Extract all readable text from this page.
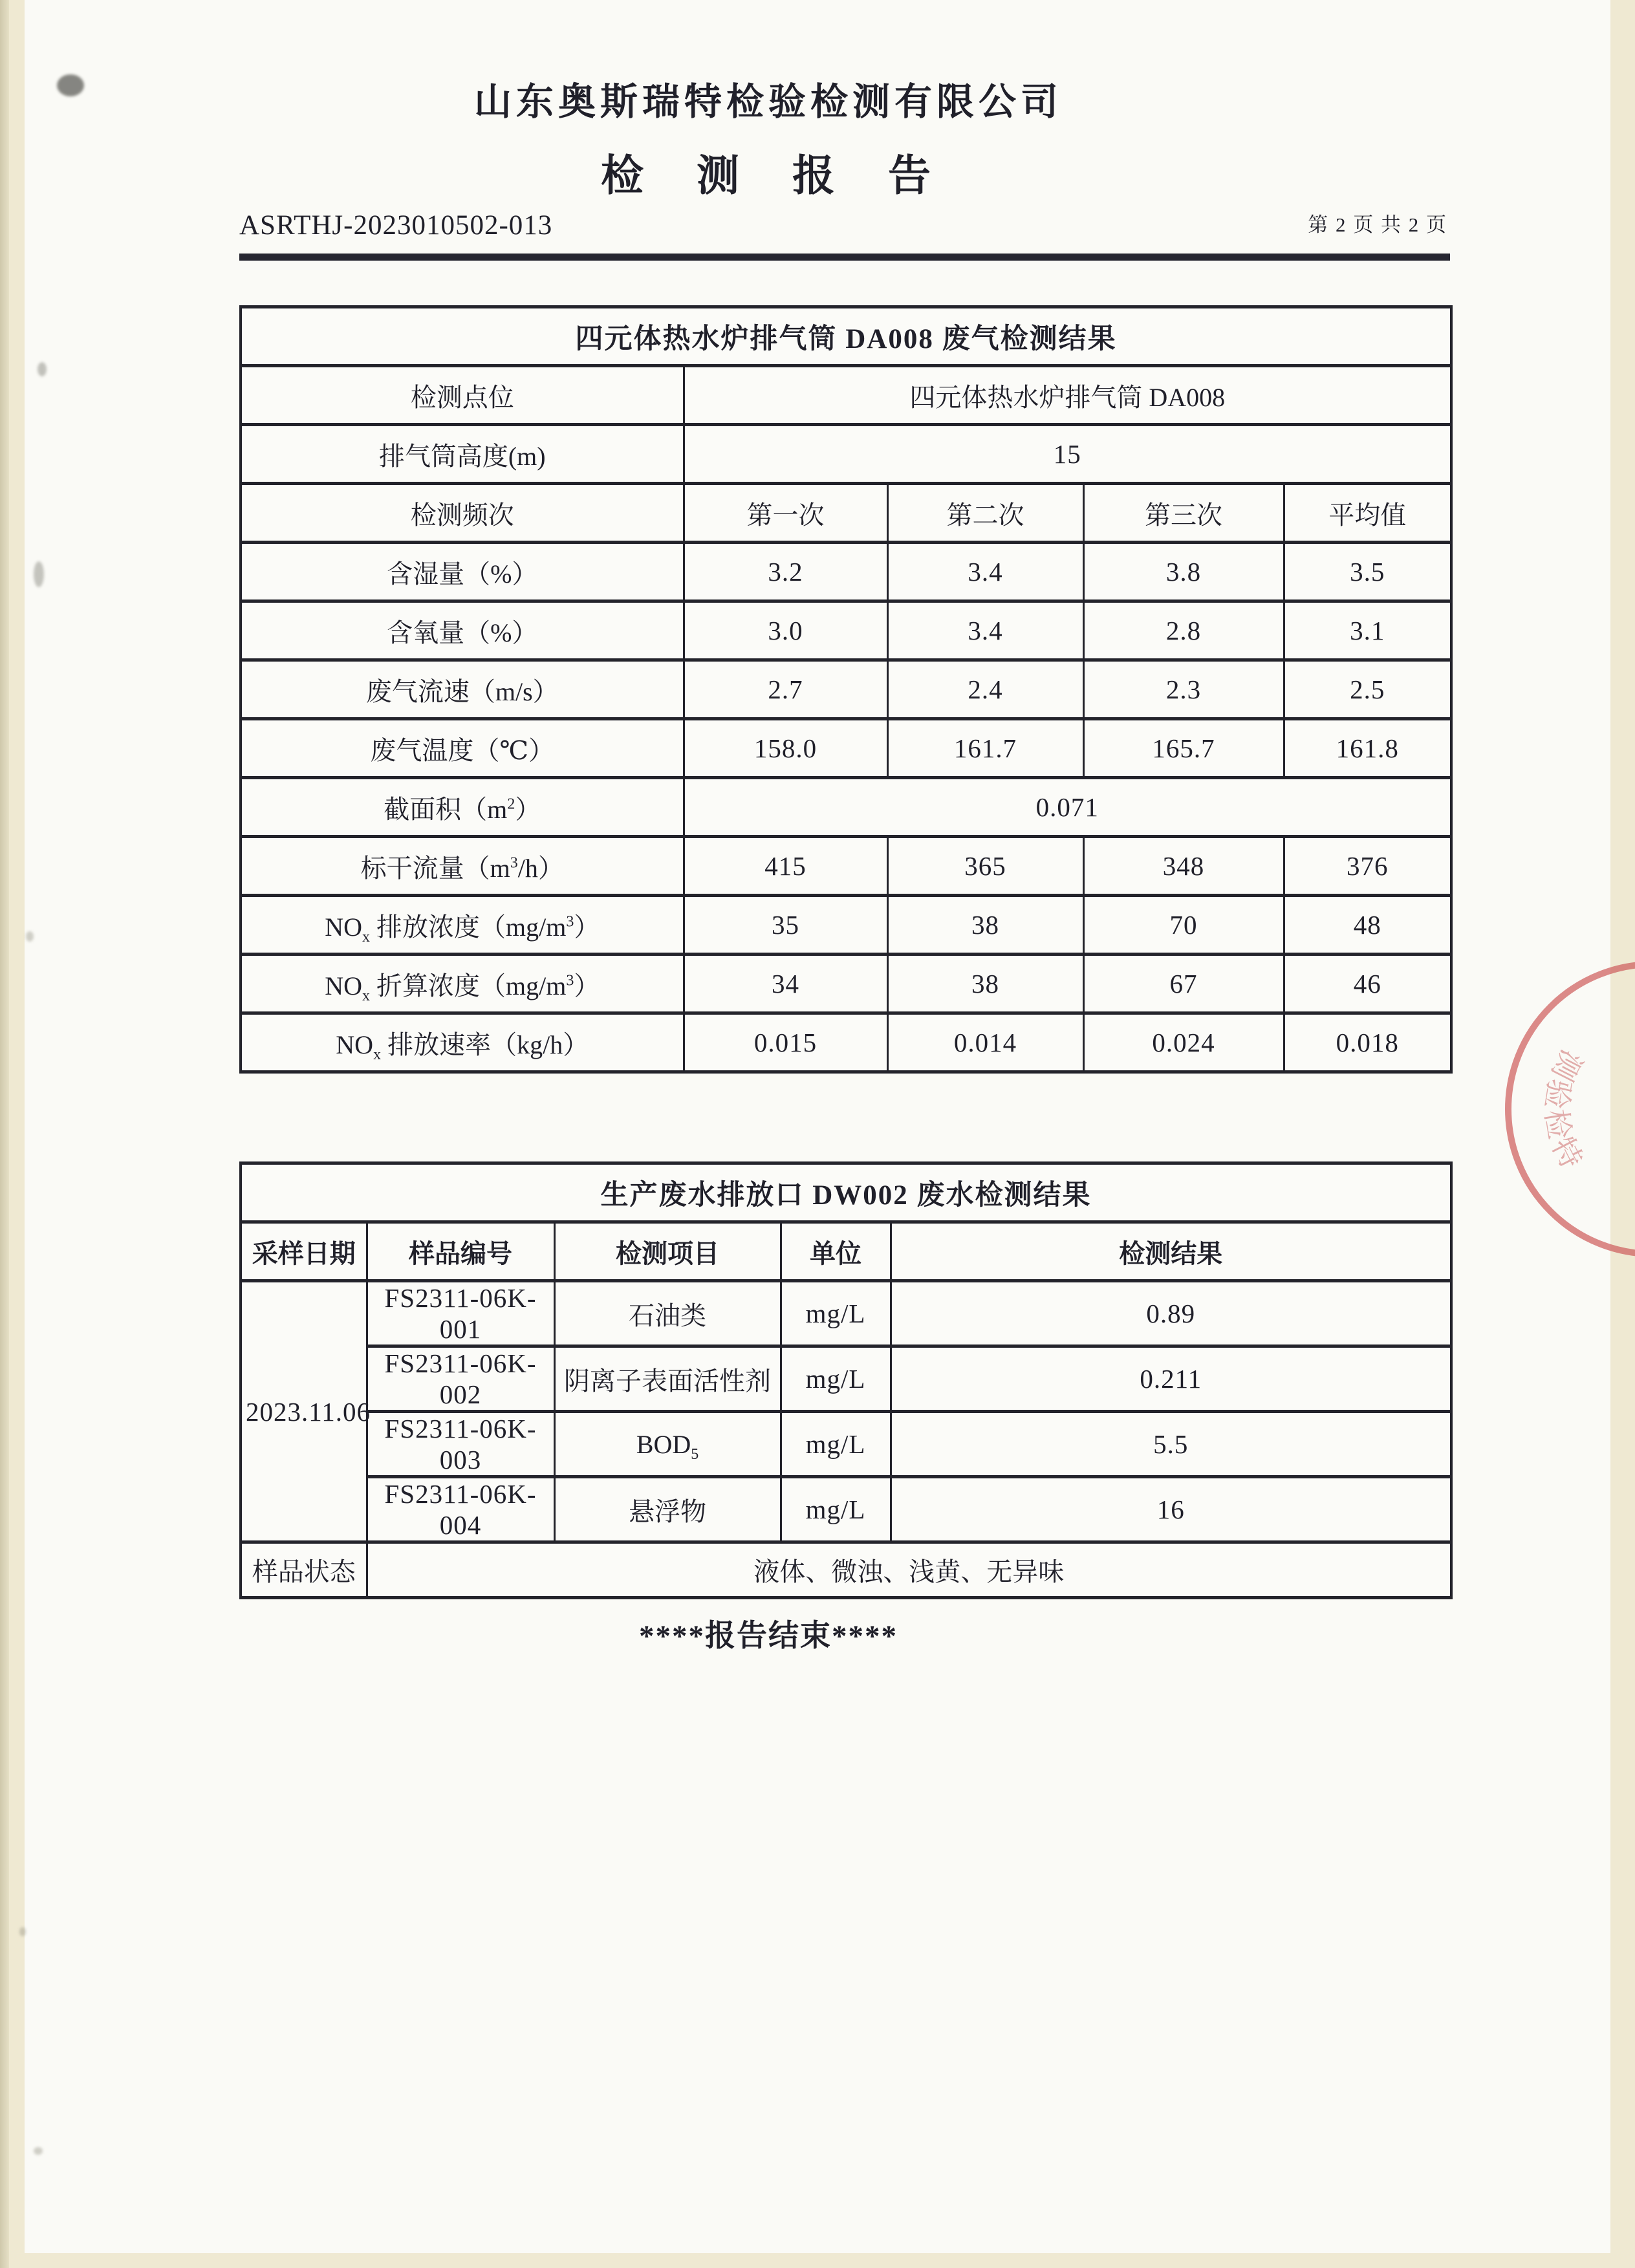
山东奥斯瑞特检验检测有限公司
检　测　报　告
ASRTHJ-2023010502-013	第 2 页 共 2 页
四元体热水炉排气筒 DA008 废气检测结果				
检测点位	四元体热水炉排气筒 DA008			
排气筒高度(m)	15			
检测频次	第一次	第二次	第三次	平均值
含湿量（%）	3.2	3.4	3.8	3.5
含氧量（%）	3.0	3.4	2.8	3.1
废气流速（m/s）	2.7	2.4	2.3	2.5
废气温度（℃）	158.0	161.7	165.7	161.8
截面积$(m^2)$	0.071			
标干流量$(m^3/h)$	415	365	348	376
$NO_x$ 排放浓度$(mg/m^3)$	35	38	70	48
$NO_x$ 折算浓度$(mg/m^3)$	34	38	67	46
$NO_x$ 排放速率（kg/h）	0.015	0.014	0.024	0.018
生产废水排放口 DW002 废水检测结果				
采样日期	样品编号	检测项目	单位	检测结果
2023.11.06	FS2311-06K-001	石油类	mg/L	0.89
	FS2311-06K-002	阴离子表面活性剂	mg/L	0.211
	FS2311-06K-003	$BOD_5$	mg/L	5.5
	FS2311-06K-004	悬浮物	mg/L	16
样品状态	液体、微浊、浅黄、无异味			
****报告结束****
特
检
验
测
